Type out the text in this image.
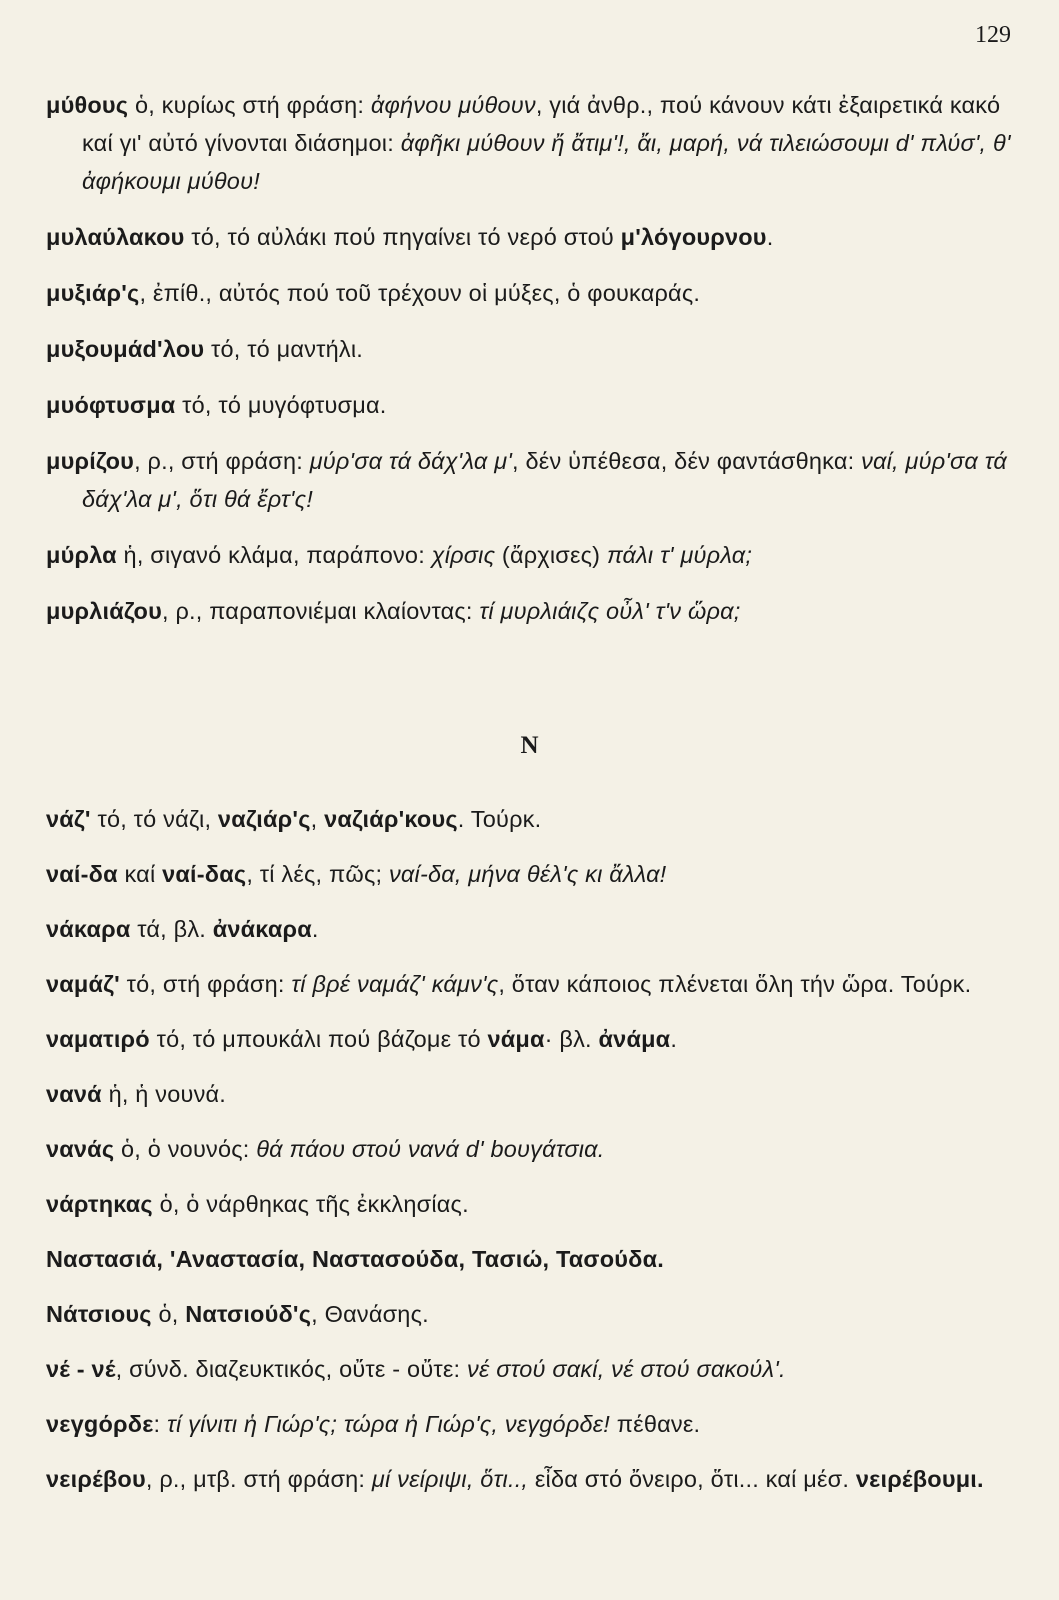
129

μύθους ὁ, κυρίως στή φράση: ἀφήνου μύθουν, γιά ἀνθρ., πού κάνουν κάτι ἐξαιρετικά κακό καί γι' αὐτό γίνονται διάσημοι: ἀφῆκι μύθουν ἤ ἄτιμ'!, ἄι, μαρή, νά τιλειώσουμι d' πλύσ', θ' ἀφήκουμι μύθου!

μυλαύλακου τό, τό αὐλάκι πού πηγαίνει τό νερό στού μ'λόγουρνου.

μυξιάρ'ς, ἐπίθ., αὐτός πού τοῦ τρέχουν οἱ μύξες, ὁ φουκαράς.

μυξουμάd'λου τό, τό μαντήλι.

μυόφτυσμα τό, τό μυγόφτυσμα.

μυρίζου, ρ., στή φράση: μύρ'σα τά δάχ'λα μ', δέν ὑπέθεσα, δέν φαντάσθηκα: ναί, μύρ'σα τά δάχ'λα μ', ὅτι θά ἔρτ'ς!

μύρλα ἡ, σιγανό κλάμα, παράπονο: χίρσις (ἄρχισες) πάλι τ' μύρλα;

μυρλιάζου, ρ., παραπονιέμαι κλαίοντας: τί μυρλιάιζς οὖλ' τ'ν ὥρα;

N

νάζ' τό, τό νάζι, ναζιάρ'ς, ναζιάρ'κους. Τούρκ.

ναί-δα καί ναί-δας, τί λές, πῶς; ναί-δα, μήνα θέλ'ς κι ἄλλα!

νάκαρα τά, βλ. ἀνάκαρα.

ναμάζ' τό, στή φράση: τί βρέ ναμάζ' κάμν'ς, ὅταν κάποιος πλένεται ὅλη τήν ὥρα. Τούρκ.

ναματιρό τό, τό μπουκάλι πού βάζομε τό νάμα· βλ. ἀνάμα.

νανά ἡ, ἡ νουνά.

νανάς ὁ, ὁ νουνός: θά πάου στού νανά d' bουγάτσια.

νάρτηκας ὁ, ὁ νάρθηκας τῆς ἐκκλησίας.

Ναστασιά, 'Αναστασία, Ναστασούδα, Τασιώ, Τασούδα.

Νάτσιους ὁ, Νατσιούδ'ς, Θανάσης.

νέ - νέ, σύνδ. διαζευκτικός, οὔτε - οὔτε: νέ στού σακί, νέ στού σακούλ'.

νεγgόρδε: τί γίνιτι ἡ Γιώρ'ς; τώρα ἡ Γιώρ'ς, νεγgόρδε! πέθανε.

νειρέβου, ρ., μτβ. στή φράση: μί νείριψι, ὅτι.., εἶδα στό ὄνειρο, ὅτι... καί μέσ. νειρέβουμι.
